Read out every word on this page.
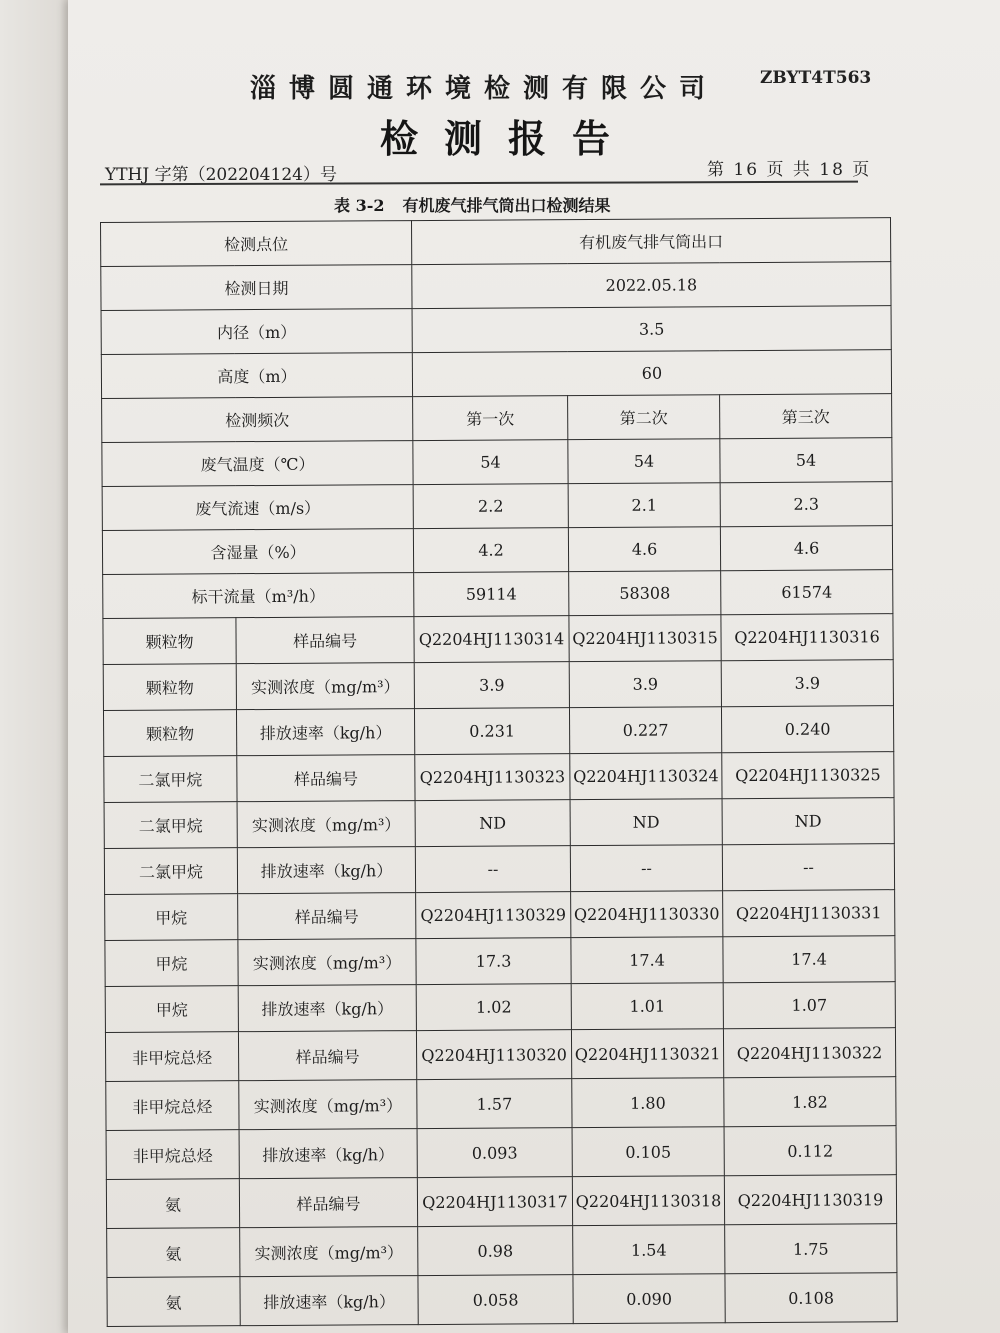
淄博圆通环境检测有限公司 ZBYT4T563
检测报告
YTHJ 字第（202204124）号	第 16 页 共 18 页
表 3-2 有机废气排气筒出口检测结果
检测点位		有机废气排气筒出口		
检测日期		2022.05.18		
内径（m）		3.5		
高度（m）		60		
检测频次		第一次	第二次	第三次
废气温度（℃）		54	54	54
废气流速（m/s）		2.2	2.1	2.3
含湿量（%）		4.2	4.6	4.6
标干流量（m³/h）		59114	58308	61574
颗粒物	样品编号	Q2204HJ1130314	Q2204HJ1130315	Q2204HJ1130316
颗粒物	实测浓度（mg/m³）	3.9	3.9	3.9
颗粒物	排放速率（kg/h）	0.231	0.227	0.240
二氯甲烷	样品编号	Q2204HJ1130323	Q2204HJ1130324	Q2204HJ1130325
二氯甲烷	实测浓度（mg/m³）	ND	ND	ND
二氯甲烷	排放速率（kg/h）	--	--	--
甲烷	样品编号	Q2204HJ1130329	Q2204HJ1130330	Q2204HJ1130331
甲烷	实测浓度（mg/m³）	17.3	17.4	17.4
甲烷	排放速率（kg/h）	1.02	1.01	1.07
非甲烷总烃	样品编号	Q2204HJ1130320	Q2204HJ1130321	Q2204HJ1130322
非甲烷总烃	实测浓度（mg/m³）	1.57	1.80	1.82
非甲烷总烃	排放速率（kg/h）	0.093	0.105	0.112
氨	样品编号	Q2204HJ1130317	Q2204HJ1130318	Q2204HJ1130319
氨	实测浓度（mg/m³）	0.98	1.54	1.75
氨	排放速率（kg/h）	0.058	0.090	0.108
